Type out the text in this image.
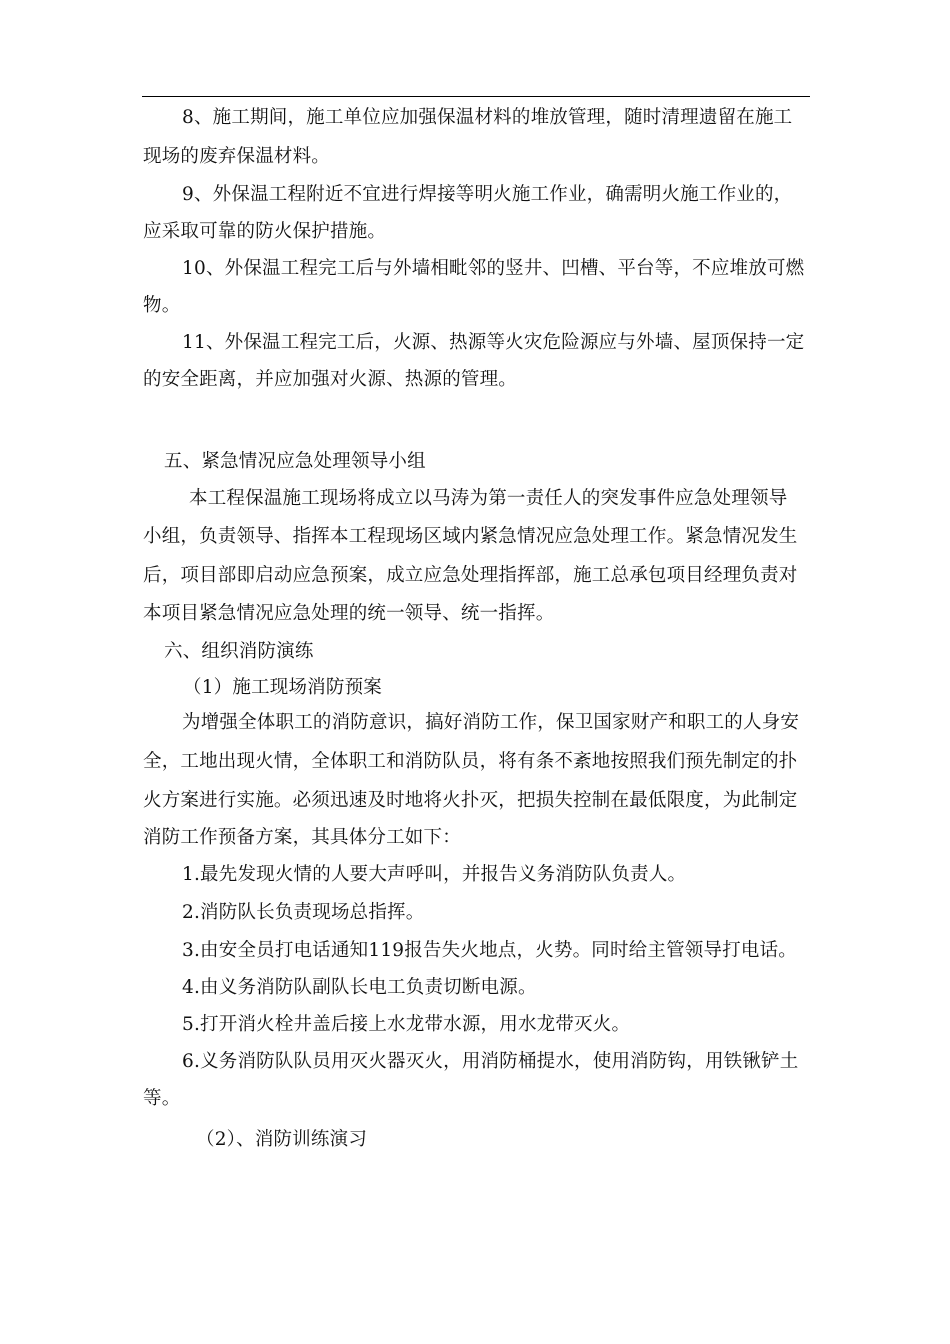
8、施工期间，施工单位应加强保温材料的堆放管理，随时清理遗留在施工
现场的废弃保温材料。
9、外保温工程附近不宜进行焊接等明火施工作业，确需明火施工作业的，
应采取可靠的防火保护措施。
10、外保温工程完工后与外墙相毗邻的竖井、凹槽、平台等，不应堆放可燃
物。
11、外保温工程完工后，火源、热源等火灾危险源应与外墙、屋顶保持一定
的安全距离，并应加强对火源、热源的管理。
五、紧急情况应急处理领导小组
本工程保温施工现场将成立以马涛为第一责任人的突发事件应急处理领导
小组，负责领导、指挥本工程现场区域内紧急情况应急处理工作。紧急情况发生
后，项目部即启动应急预案，成立应急处理指挥部，施工总承包项目经理负责对
本项目紧急情况应急处理的统一领导、统一指挥。
六、组织消防演练
（1）施工现场消防预案
为增强全体职工的消防意识，搞好消防工作，保卫国家财产和职工的人身安
全，工地出现火情，全体职工和消防队员，将有条不紊地按照我们预先制定的扑
火方案进行实施。必须迅速及时地将火扑灭，把损失控制在最低限度，为此制定
消防工作预备方案，其具体分工如下：
1.最先发现火情的人要大声呼叫，并报告义务消防队负责人。
2.消防队长负责现场总指挥。
3.由安全员打电话通知119报告失火地点，火势。同时给主管领导打电话。
4.由义务消防队副队长电工负责切断电源。
5.打开消火栓井盖后接上水龙带水源，用水龙带灭火。
6.义务消防队队员用灭火器灭火，用消防桶提水，使用消防钩，用铁锹铲土
等。
（2）、消防训练演习
